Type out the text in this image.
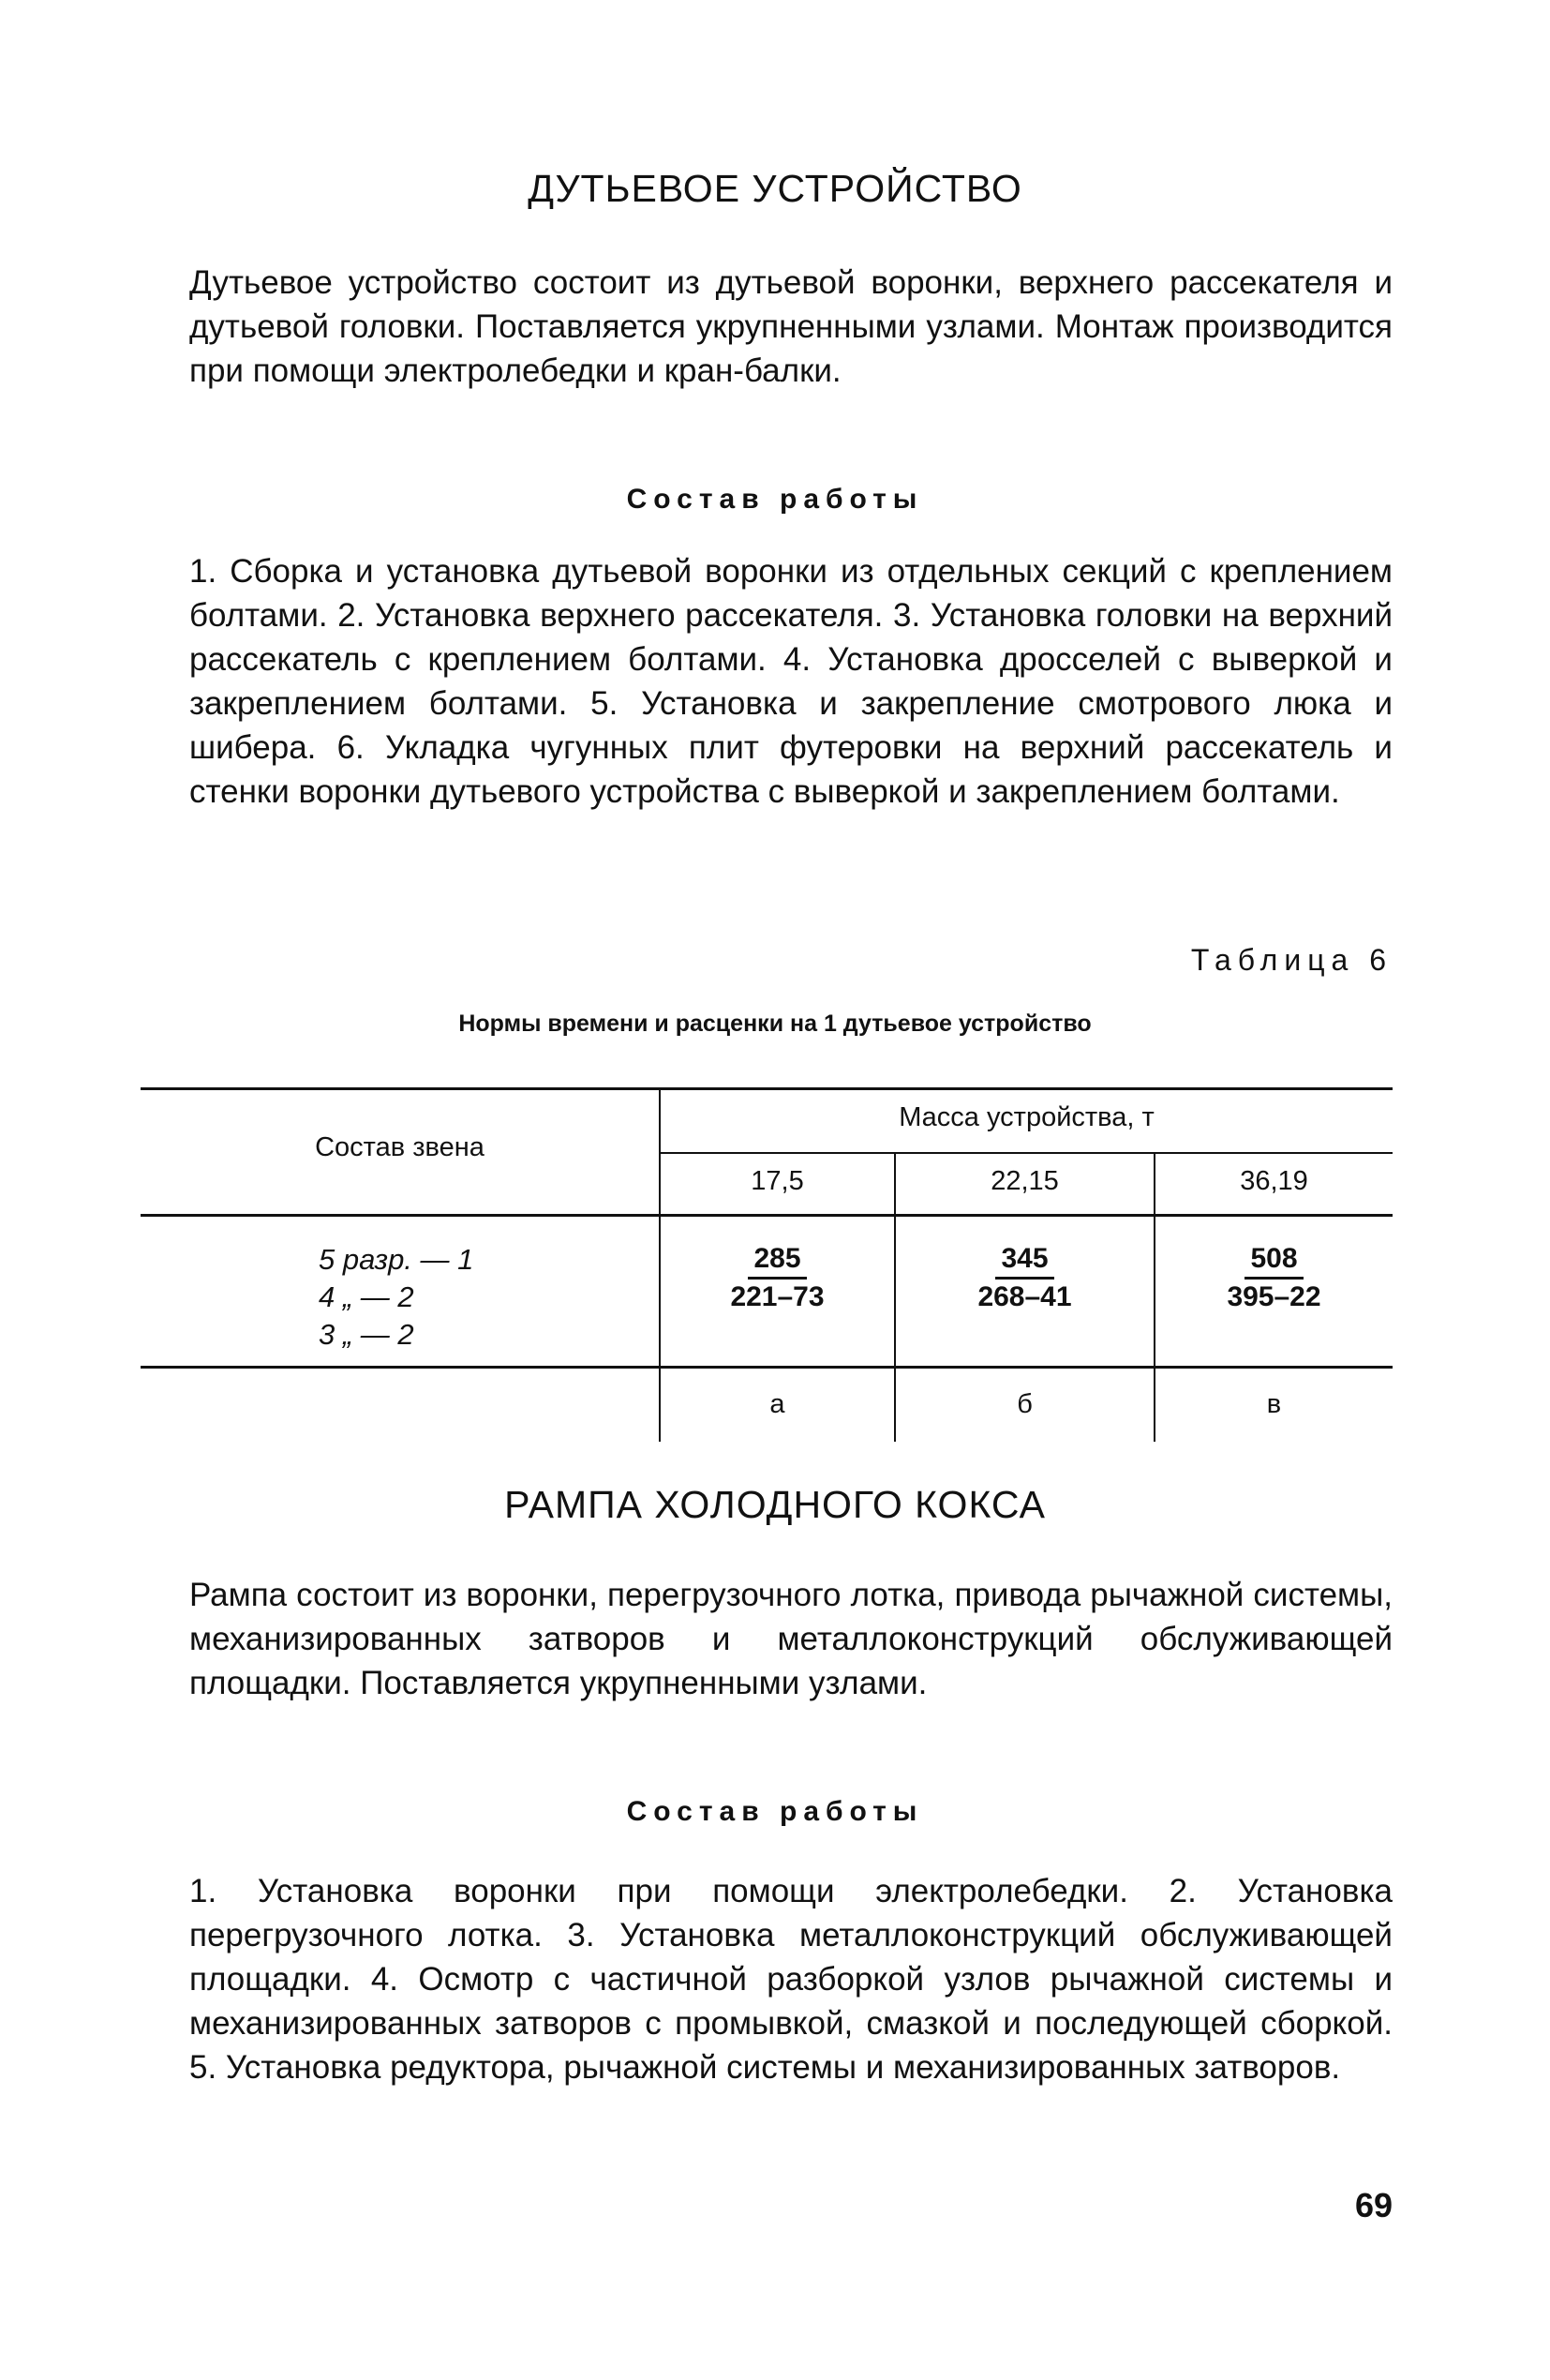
ДУТЬЕВОЕ УСТРОЙСТВО
Дутьевое устройство состоит из дутьевой воронки, верхнего рассекателя и дутьевой головки. Поставляется укрупненными узлами. Монтаж производится при помощи электролебедки и кран-балки.
Состав работы
1. Сборка и установка дутьевой воронки из отдельных секций с креплением болтами. 2. Установка верхнего рассекателя. 3. Установка головки на верхний рассекатель с креплением болтами. 4. Установка дросселей с выверкой и закреплением болтами. 5. Установка и закрепление смотрового люка и шибера. 6. Укладка чугунных плит футеровки на верхний рассекатель и стенки воронки дутьевого устройства с выверкой и закреплением болтами.
Таблица 6
Нормы времени и расценки на 1 дутьевое устройство
Состав звена
Масса устройства, т
17,5	22,15	36,19
5 разр. — 1
4 „ — 2
3 „ — 2
$\frac{285}{221-73} \frac{345}{268-41} \frac{508}{395-22}$
а	б	в
РАМПА ХОЛОДНОГО КОКСА
Рампа состоит из воронки, перегрузочного лотка, привода рычажной системы, механизированных затворов и металлоконструкций обслуживающей площадки. Поставляется укрупненными узлами.
Состав работы
1. Установка воронки при помощи электролебедки. 2. Установка перегрузочного лотка. 3. Установка металлоконструкций обслуживающей площадки. 4. Осмотр с частичной разборкой узлов рычажной системы и механизированных затворов с промывкой, смазкой и последующей сборкой. 5. Установка редуктора, рычажной системы и механизированных затворов.
69
